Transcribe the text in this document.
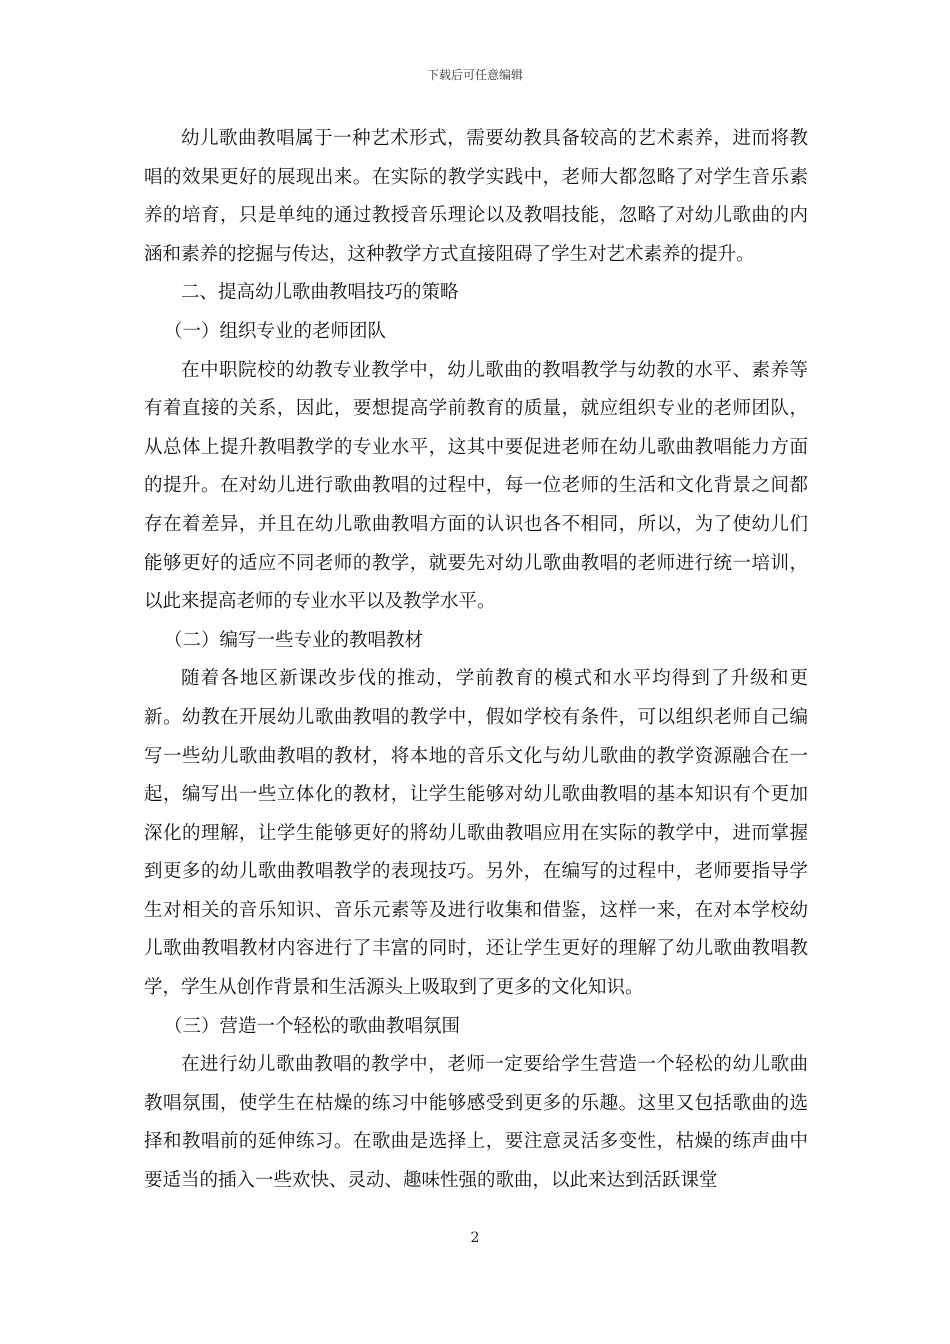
下载后可任意编辑

幼儿歌曲教唱属于一种艺术形式，需要幼教具备较高的艺术素养，进而将教唱的效果更好的展现出来。在实际的教学实践中，老师大都忽略了对学生音乐素养的培育，只是单纯的通过教授音乐理论以及教唱技能，忽略了对幼儿歌曲的内涵和素养的挖掘与传达，这种教学方式直接阻碍了学生对艺术素养的提升。

二、提高幼儿歌曲教唱技巧的策略

（一）组织专业的老师团队

在中职院校的幼教专业教学中，幼儿歌曲的教唱教学与幼教的水平、素养等有着直接的关系，因此，要想提高学前教育的质量，就应组织专业的老师团队，从总体上提升教唱教学的专业水平，这其中要促进老师在幼儿歌曲教唱能力方面的提升。在对幼儿进行歌曲教唱的过程中，每一位老师的生活和文化背景之间都存在着差异，并且在幼儿歌曲教唱方面的认识也各不相同，所以，为了使幼儿们能够更好的适应不同老师的教学，就要先对幼儿歌曲教唱的老师进行统一培训，以此来提高老师的专业水平以及教学水平。

（二）编写一些专业的教唱教材

随着各地区新课改步伐的推动，学前教育的模式和水平均得到了升级和更新。幼教在开展幼儿歌曲教唱的教学中，假如学校有条件，可以组织老师自己编写一些幼儿歌曲教唱的教材，将本地的音乐文化与幼儿歌曲的教学资源融合在一起，编写出一些立体化的教材，让学生能够对幼儿歌曲教唱的基本知识有个更加深化的理解，让学生能够更好的將幼儿歌曲教唱应用在实际的教学中，进而掌握到更多的幼儿歌曲教唱教学的表现技巧。另外，在编写的过程中，老师要指导学生对相关的音乐知识、音乐元素等及进行收集和借鉴，这样一来，在对本学校幼儿歌曲教唱教材内容进行了丰富的同时，还让学生更好的理解了幼儿歌曲教唱教学，学生从创作背景和生活源头上吸取到了更多的文化知识。

（三）营造一个轻松的歌曲教唱氛围

在进行幼儿歌曲教唱的教学中，老师一定要给学生营造一个轻松的幼儿歌曲教唱氛围，使学生在枯燥的练习中能够感受到更多的乐趣。这里又包括歌曲的选择和教唱前的延伸练习。在歌曲是选择上，要注意灵活多变性，枯燥的练声曲中要适当的插入一些欢快、灵动、趣味性强的歌曲，以此来达到活跃课堂

2
